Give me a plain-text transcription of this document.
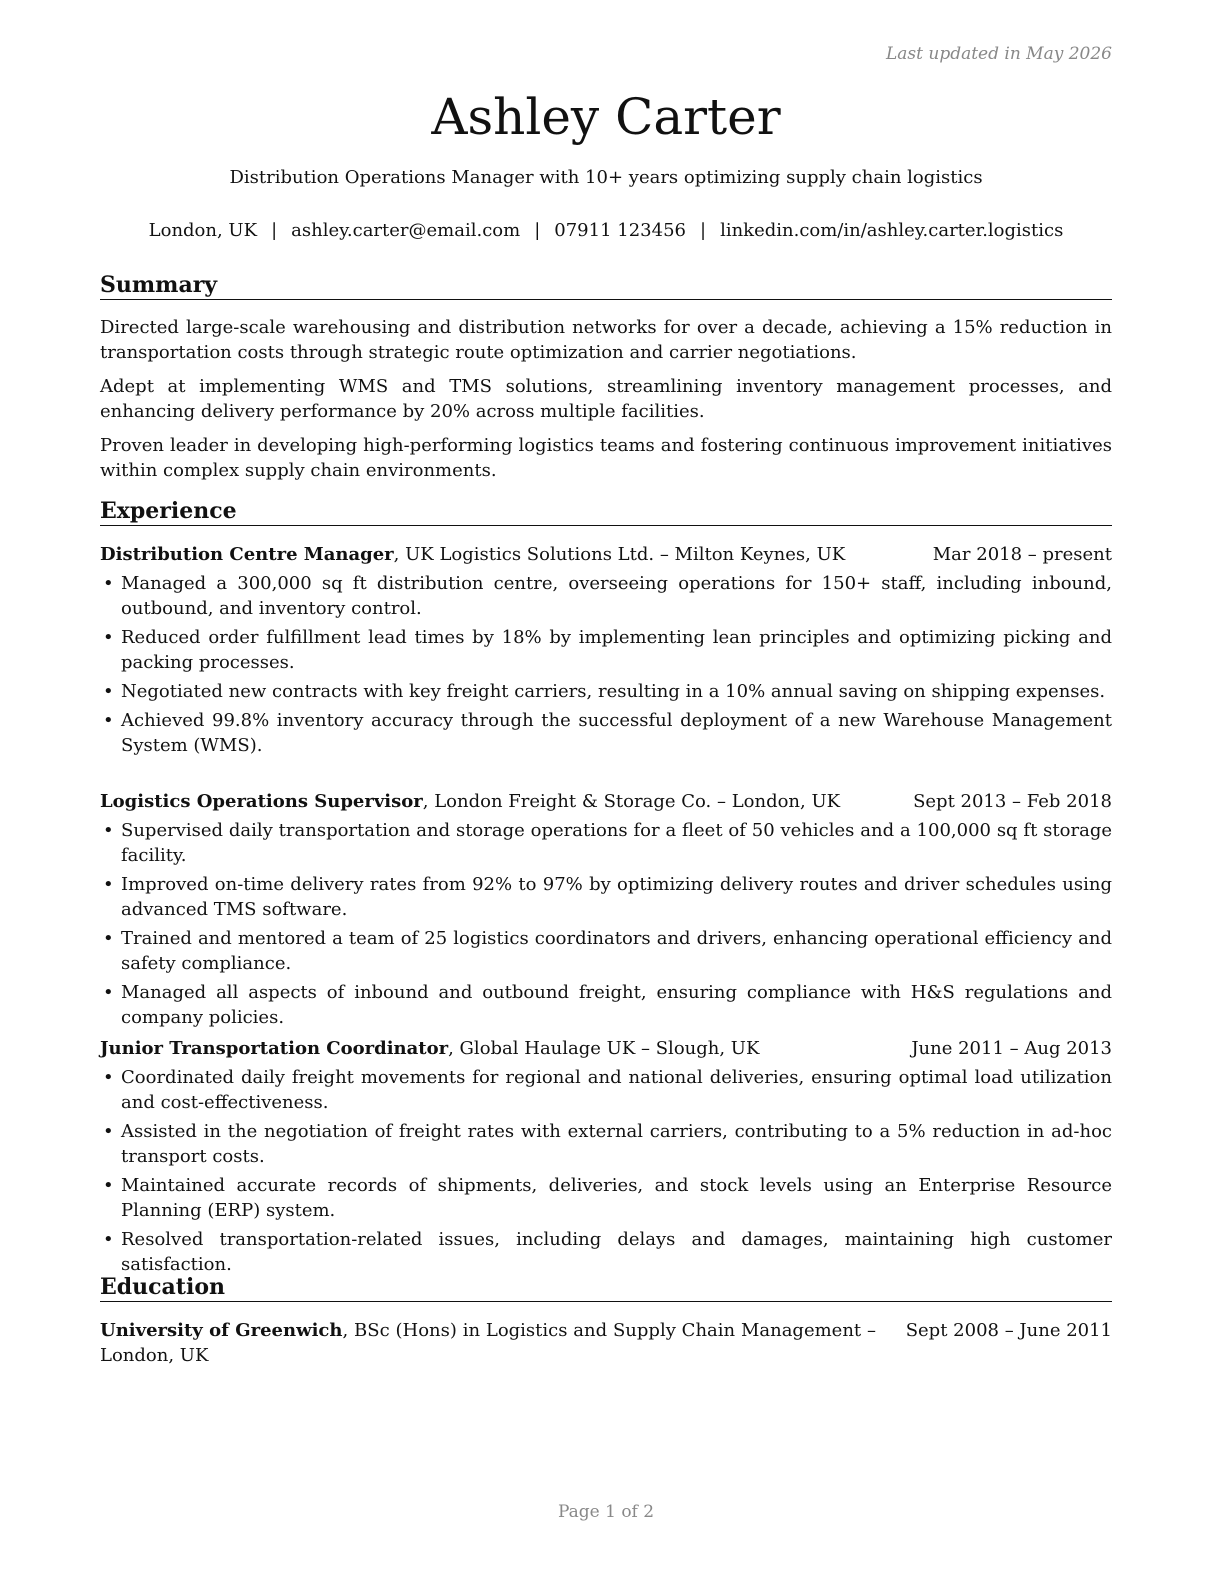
Last updated in May 2026
Ashley Carter
Distribution Operations Manager with 10+ years optimizing supply chain logistics
London, UK | ashley.carter@email.com | 07911 123456 | linkedin.com/in/ashley.carter.logistics
Summary
Directed large-scale warehousing and distribution networks for over a decade, achieving a 15% reduction in transportation costs through strategic route optimization and carrier negotiations.
Adept at implementing WMS and TMS solutions, streamlining inventory management processes, and enhancing delivery performance by 20% across multiple facilities.
Proven leader in developing high-performing logistics teams and fostering continuous improvement initiatives within complex supply chain environments.
Experience
Distribution Centre Manager, UK Logistics Solutions Ltd. – Milton Keynes, UK	Mar 2018 – present
• Managed a 300,000 sq ft distribution centre, overseeing operations for 150+ staff, including inbound, outbound, and inventory control.
• Reduced order fulfillment lead times by 18% by implementing lean principles and optimizing picking and packing processes.
• Negotiated new contracts with key freight carriers, resulting in a 10% annual saving on shipping expenses.
• Achieved 99.8% inventory accuracy through the successful deployment of a new Warehouse Management System (WMS).
Logistics Operations Supervisor, London Freight & Storage Co. – London, UK	Sept 2013 – Feb 2018
• Supervised daily transportation and storage operations for a fleet of 50 vehicles and a 100,000 sq ft storage facility.
• Improved on-time delivery rates from 92% to 97% by optimizing delivery routes and driver schedules using advanced TMS software.
• Trained and mentored a team of 25 logistics coordinators and drivers, enhancing operational efficiency and safety compliance.
• Managed all aspects of inbound and outbound freight, ensuring compliance with H&S regulations and company policies.
Junior Transportation Coordinator, Global Haulage UK – Slough, UK	June 2011 – Aug 2013
• Coordinated daily freight movements for regional and national deliveries, ensuring optimal load utilization and cost-effectiveness.
• Assisted in the negotiation of freight rates with external carriers, contributing to a 5% reduction in ad-hoc transport costs.
• Maintained accurate records of shipments, deliveries, and stock levels using an Enterprise Resource Planning (ERP) system.
• Resolved transportation-related issues, including delays and damages, maintaining high customer satisfaction.
Education
University of Greenwich, BSc (Hons) in Logistics and Supply Chain Management – London, UK
Sept 2008 – June 2011
Page 1 of 2
